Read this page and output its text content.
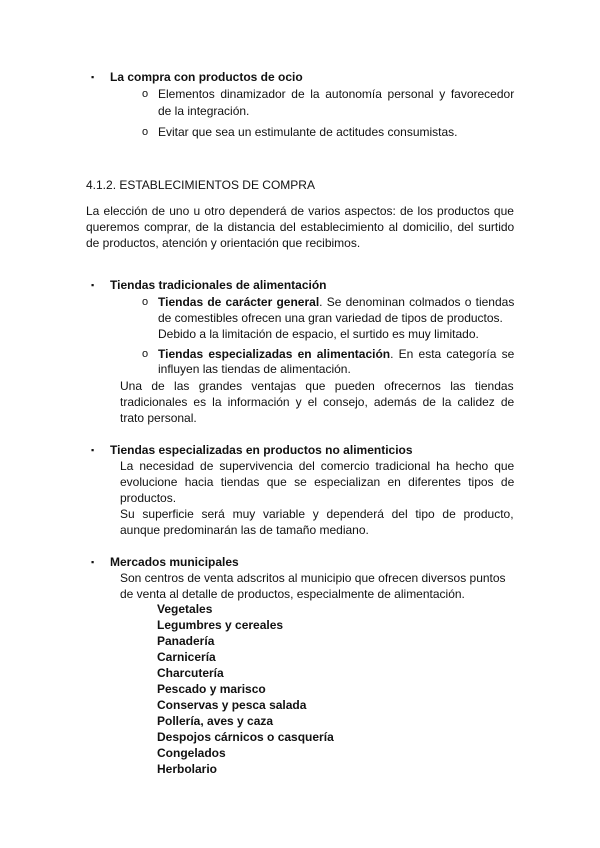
▪ La compra con productos de ocio
o Elementos dinamizador de la autonomía personal y favorecedor
de la integración.
o Evitar que sea un estimulante de actitudes consumistas.
4.1.2. ESTABLECIMIENTOS DE COMPRA
La elección de uno u otro dependerá de varios aspectos: de los productos que
queremos comprar, de la distancia del establecimiento al domicilio, del surtido
de productos, atención y orientación que recibimos.
▪ Tiendas tradicionales de alimentación
o Tiendas de carácter general. Se denominan colmados o tiendas
de comestibles ofrecen una gran variedad de tipos de productos.
Debido a la limitación de espacio, el surtido es muy limitado.
o Tiendas especializadas en alimentación. En esta categoría se
influyen las tiendas de alimentación.
Una de las grandes ventajas que pueden ofrecernos las tiendas
tradicionales es la información y el consejo, además de la calidez de
trato personal.
▪ Tiendas especializadas en productos no alimenticios
La necesidad de supervivencia del comercio tradicional ha hecho que
evolucione hacia tiendas que se especializan en diferentes tipos de
productos.
Su superficie será muy variable y dependerá del tipo de producto,
aunque predominarán las de tamaño mediano.
▪ Mercados municipales
Son centros de venta adscritos al municipio que ofrecen diversos puntos
de venta al detalle de productos, especialmente de alimentación.
Vegetales
Legumbres y cereales
Panadería
Carnicería
Charcutería
Pescado y marisco
Conservas y pesca salada
Pollería, aves y caza
Despojos cárnicos o casquería
Congelados
Herbolario
